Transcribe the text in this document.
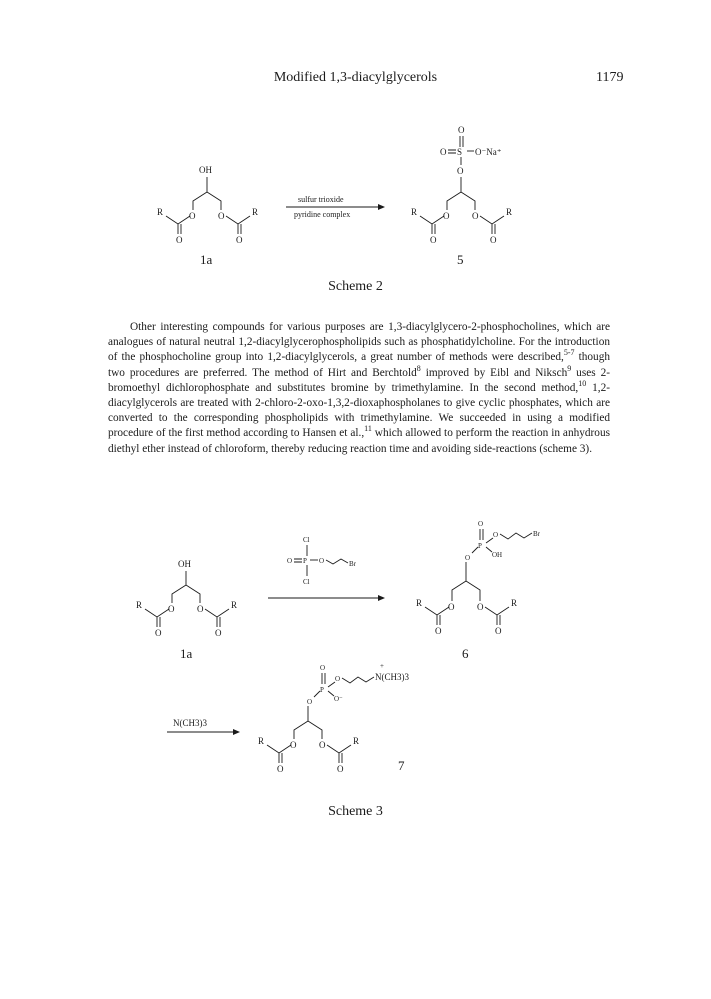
Modified 1,3-diacylglycerols	1179
OH
O	O
R	R
O	O
1a
sulfur trioxide
pyridine complex
O
O S O⁻Na⁺
O
O	O
R	R
O	O
5
Scheme 2

Other interesting compounds for various purposes are 1,3-diacylglycero-2-phosphocholines, which are analogues of natural neutral 1,2-diacylglycerophospholipids such as phosphatidylcholine. For the introduction of the phosphocholine group into 1,2-diacylglycerols, a great number of methods were described,$^{5-7}$ though two procedures are preferred. The method of Hirt and Berchtold$^8$ improved by Eibl and Niksch$^9$ uses 2-bromoethyl dichlorophosphate and substitutes bromine by trimethylamine. In the second method,$^{10}$ 1,2-diacylglycerols are treated with 2-chloro-2-oxo-1,3,2-dioxaphospholanes to give cyclic phosphates, which are converted to the corresponding phospholipids with trimethylamine. We succeeded in using a modified procedure of the first method according to Hansen et al.,$^{11}$ which allowed to perform the reaction in anhydrous diethyl ether instead of chloroform, thereby reducing reaction time and avoiding side-reactions (scheme 3).

OH
O	O
R	R
O	O
1a
Cl
O P O	Br
Cl
O
P
O	Br
OH
O
O	O
R	R
O	O
6
N(CH3)3
O
P
O
+
N(CH3)3
O⁻
O
O	O
R	R
O	O	7
Scheme 3
